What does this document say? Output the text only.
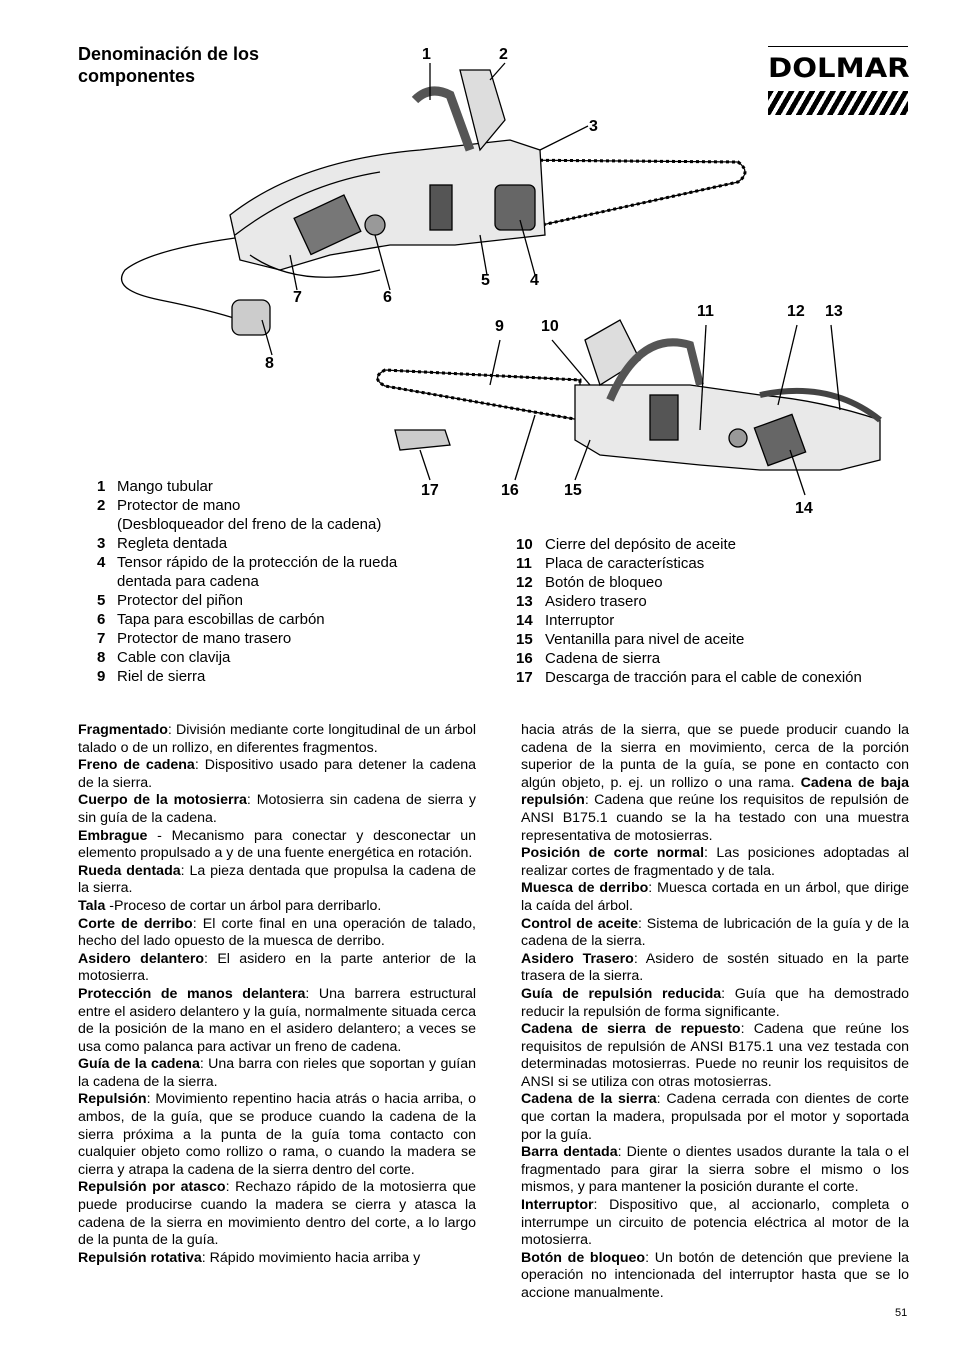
Denominación de los
componentes	DOLMAR
1	2
3
4
5
6
7
8
9 10
11	12 13
14
15
16
17
1 Mango tubular
2 Protector de mano
(Desbloqueador del freno de la cadena)
3 Regleta dentada
4 Tensor rápido de la protección de la rueda
dentada para cadena
5 Protector del piñon
6 Tapa para escobillas de carbón
7 Protector de mano trasero
8 Cable con clavija
9 Riel de sierra
10 Cierre del depósito de aceite
11 Placa de características
12 Botón de bloqueo
13 Asidero trasero
14 Interruptor
15 Ventanilla para nivel de aceite
16 Cadena de sierra
17 Descarga de tracción para el cable de conexión

Fragmentado: División mediante corte longitudinal de un árbol talado o de un rollizo, en diferentes fragmentos.

Freno de cadena: Dispositivo usado para detener la cadena de la sierra.

Cuerpo de la motosierra: Motosierra sin cadena de sierra y sin guía de la cadena.

Embrague - Mecanismo para conectar y desconectar un elemento propulsado a y de una fuente energética en rotación.

Rueda dentada: La pieza dentada que propulsa la cadena de la sierra.

Tala -Proceso de cortar un árbol para derribarlo.

Corte de derribo: El corte final en una operación de talado, hecho del lado opuesto de la muesca de derribo.

Asidero delantero: El asidero en la parte anterior de la motosierra.

Protección de manos delantera: Una barrera estructural entre el asidero delantero y la guía, normalmente situada cerca de la posición de la mano en el asidero delantero; a veces se usa como palanca para activar un freno de cadena.

Guía de la cadena: Una barra con rieles que soportan y guían la cadena de la sierra.

Repulsión: Movimiento repentino hacia atrás o hacia arriba, o ambos, de la guía, que se produce cuando la cadena de la sierra próxima a la punta de la guía toma contacto con cualquier objeto como rollizo o rama, o cuando la madera se cierra y atrapa la cadena de la sierra dentro del corte.

Repulsión por atasco: Rechazo rápido de la motosierra que puede producirse cuando la madera se cierra y atasca la cadena de la sierra en movimiento dentro del corte, a lo largo de la punta de la guía.

Repulsión rotativa: Rápido movimiento hacia arriba y

hacia atrás de la sierra, que se puede producir cuando la cadena de la sierra en movimiento, cerca de la porción superior de la punta de la guía, se pone en contacto con algún objeto, p. ej. un rollizo o una rama. Cadena de baja repulsión: Cadena que reúne los requisitos de repulsión de ANSI B175.1 cuando se la ha testado con una muestra representativa de motosierras.

Posición de corte normal: Las posiciones adoptadas al realizar cortes de fragmentado y de tala.

Muesca de derribo: Muesca cortada en un árbol, que dirige la caída del árbol.

Control de aceite: Sistema de lubricación de la guía y de la cadena de la sierra.

Asidero Trasero: Asidero de sostén situado en la parte trasera de la sierra.

Guía de repulsión reducida: Guía que ha demostrado reducir la repulsión de forma significante.

Cadena de sierra de repuesto: Cadena que reúne los requisitos de repulsión de ANSI B175.1 una vez testada con determinadas motosierras. Puede no reunir los requisitos de ANSI si se utiliza con otras motosierras.

Cadena de la sierra: Cadena cerrada con dientes de corte que cortan la madera, propulsada por el motor y soportada por la guía.

Barra dentada: Diente o dientes usados durante la tala o el fragmentado para girar la sierra sobre el mismo o los mismos, y para mantener la posición durante el corte.

Interruptor: Dispositivo que, al accionarlo, completa o interrumpe un circuito de potencia eléctrica al motor de la motosierra.

Botón de bloqueo: Un botón de detención que previene la operación no intencionada del interruptor hasta que se lo accione manualmente.

51
